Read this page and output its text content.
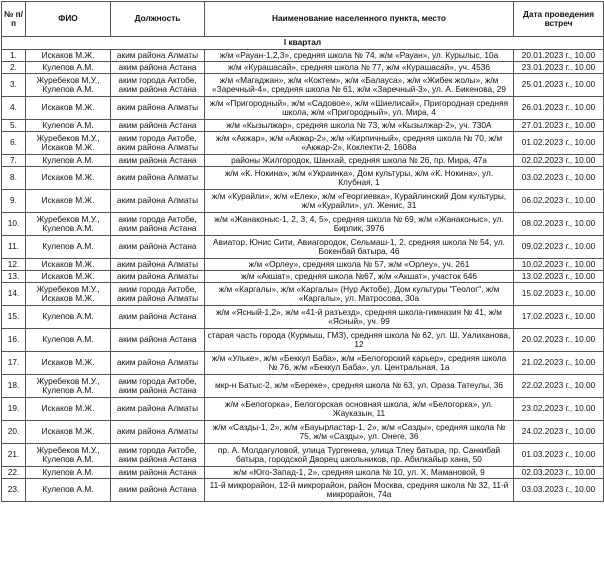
№ п/п	ФИО	Должность	Наименование населенного пункта, место	Дата проведения встреч
I квартал				
1.	Искаков М.Ж.	аким района Алматы	ж/м «Рауан-1,2,3», средняя школа № 74, ж/м «Рауан», ул. Курылыс, 10а	20.01.2023 г., 10.00
2.	Кулепов А.М.	аким района Астана	ж/м «Курашасай», средняя школа № 77, ж/м «Курашасай», уч. 4536	23.01.2023 г., 10.00
3.	Журебеков М.У., Кулепов А.М.	аким города Актобе, аким района Астана	ж/м «Магаджан», ж/м «Коктем», ж/м «Балауса», ж/м «Жибек жолы», ж/м «Заречный-4», средняя школа № 61, ж/м «Заречный-3», ул. А. Бикенова, 29	25.01.2023 г., 10.00
4.	Искаков М.Ж.	аким района Алматы	ж/м «Пригородный», ж/м «Садовое», ж/м «Шиелисай», Пригородная средняя школа, ж/м «Пригородный», ул. Мира, 4	26.01.2023 г., 10.00
5.	Кулепов А.М.	аким района Астана	ж/м «Кызылжар», средняя школа № 73, ж/м «Кызылжар-2», уч. 730А	27.01.2023 г., 10.00
6.	Журебеков М.У., Искаков М.Ж.	аким города Актобе, аким района Алматы	ж/м «Акжар», ж/м «Акжар-2», ж/м «Кирпичный», средняя школа № 70, ж/м «Акжар-2», Коклекти-2, 1608а	01.02.2023 г., 10.00
7.	Кулепов А.М.	аким района Астана	районы Жилгородок, Шанхай, средняя школа № 26, пр. Мира, 47а	02.02.2023 г., 10.00
8.	Искаков М.Ж.	аким района Алматы	ж/м «К. Нокина», ж/м «Украинка», Дом культуры, ж/м «К. Нокина», ул. Клубная, 1	03.02.2023 г., 10.00
9.	Искаков М.Ж.	аким района Алматы	ж/м «Курайли», ж/м «Елек», ж/м «Георгиевка», Курайлинский Дом культуры, ж/м «Курайли», ул. Женис, 31	06.02.2023 г., 10.00
10.	Журебеков М.У., Кулепов А.М.	аким города Актобе, аким района Астана	ж/м «Жанаконыс-1, 2, 3, 4, 5», средняя школа № 69, ж/м «Жанаконыс», ул. Бирлик, 3976	08.02.2023 г., 10.00
11.	Кулепов А.М.	аким района Астана	Авиатор, Юнис Сити, Авиагородок, Сельмаш-1, 2, средняя школа № 54, ул. Бокенбай батыра, 46	09.02.2023 г., 10.00
12.	Искаков М.Ж.	аким района Алматы	ж/м «Орлеу», средняя школа № 57, ж/м «Орлеу», уч. 261	10.02.2023 г., 10.00
13.	Искаков М.Ж.	аким района Алматы	ж/м «Акшат», средняя школа №67, ж/м «Акшат», участок 646	13.02.2023 г., 10.00
14.	Журебеков М.У., Искаков М.Ж.	аким города Актобе, аким района Алматы	ж/м «Каргалы», ж/м «Каргалы» (Нур Актобе), Дом культуры "Геолог", ж/м «Каргалы», ул. Матросова, 30а	15.02.2023 г., 10.00
15.	Кулепов А.М.	аким района Астана	ж/м «Ясный-1,2», ж/м «41-й разъезд», средняя школа-гимназия № 41, ж/м «Ясный», уч. 99	17.02.2023 г., 10.00
16.	Кулепов А.М.	аким района Астана	старая часть города (Курмыш, ГМЗ), средняя школа № 62, ул. Ш. Уалиханова, 12	20.02.2023 г., 10.00
17.	Искаков М.Ж.	аким района Алматы	ж/м «Улькe», ж/м «Беккул Баба», ж/м «Белогорский карьер», средняя школа № 76, ж/м «Беккул Баба», ул. Центральная, 1а	21.02.2023 г., 10.00
18.	Журебеков М.У., Кулепов А.М.	аким города Актобе, аким района Астана	мкр-н Батыс-2, ж/м «Береке», средняя школа № 63, ул. Оразa Татеулы, 36	22.02.2023 г., 10.00
19.	Искаков М.Ж.	аким района Алматы	ж/м «Белогорка», Белогорская основная школа, ж/м «Белогорка», ул. Жауказын, 11	23.02.2023 г., 10.00
20.	Искаков М.Ж.	аким района Алматы	ж/м «Сазды-1, 2», ж/м «Бауырластар-1, 2», ж/м «Сазды», средняя школа № 75, ж/м «Сазды», ул. Онеге, 36	24.02.2023 г., 10.00
21.	Журебеков М.У., Кулепов А.М.	аким города Актобе, аким района Астана	пр. А. Молдагуловой, улица Тургенева, улица Тлеу батыра, пр. Санкибай батыра, городской Дворец школьников, пр. Абилкайыр хана, 50	01.03.2023 г., 10.00
22.	Кулепов А.М.	аким района Астана	ж/м «Юго-Запад-1, 2», средняя школа № 10, ул. Х. Мамановой, 9	02.03.2023 г., 10.00
23.	Кулепов А.М.	аким района Астана	11-й микрорайон, 12-й микрорайон, район Москва, средняя школа № 32, 11-й микрорайон, 74а	03.03.2023 г., 10.00
